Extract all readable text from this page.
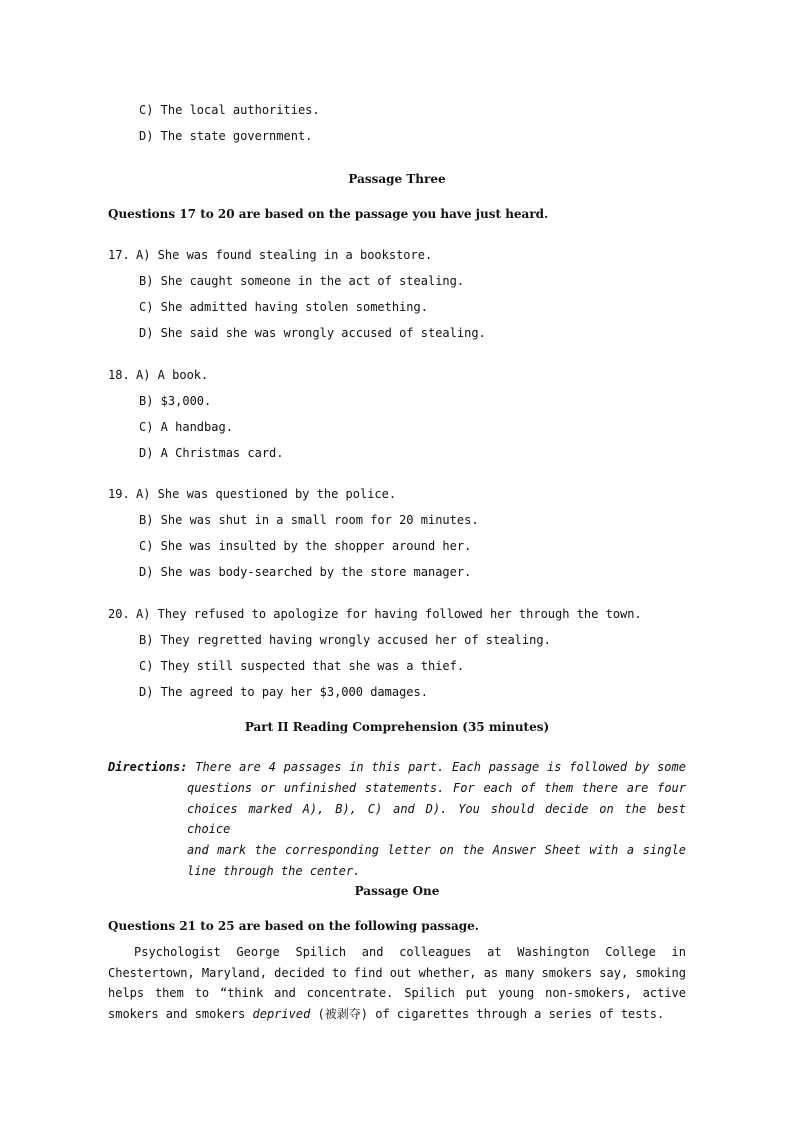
C) The local authorities.
D) The state government.
Passage Three
Questions 17 to 20 are based on the passage you have just heard.
17. A) She was found stealing in a bookstore.
B) She caught someone in the act of stealing.
C) She admitted having stolen something.
D) She said she was wrongly accused of stealing.
18. A) A book.
B) $3,000.
C) A handbag.
D) A Christmas card.
19. A) She was questioned by the police.
B) She was shut in a small room for 20 minutes.
C) She was insulted by the shopper around her.
D) She was body-searched by the store manager.
20. A) They refused to apologize for having followed her through the town.
B) They regretted having wrongly accused her of stealing.
C) They still suspected that she was a thief.
D) The agreed to pay her $3,000 damages.
Part II Reading Comprehension (35 minutes)
Directions: There are 4 passages in this part. Each passage is followed by some
questions or unfinished statements. For each of them there are four
choices marked A), B), C) and D). You should decide on the best choice
and mark the corresponding letter on the Answer Sheet with a single
line through the center.
Passage One
Questions 21 to 25 are based on the following passage.
Psychologist George Spilich and colleagues at Washington College in
Chestertown, Maryland, decided to find out whether, as many smokers say, smoking
helps them to “think and concentrate. Spilich put young non-smokers, active
smokers and smokers deprived (被剥夺) of cigarettes through a series of tests.
